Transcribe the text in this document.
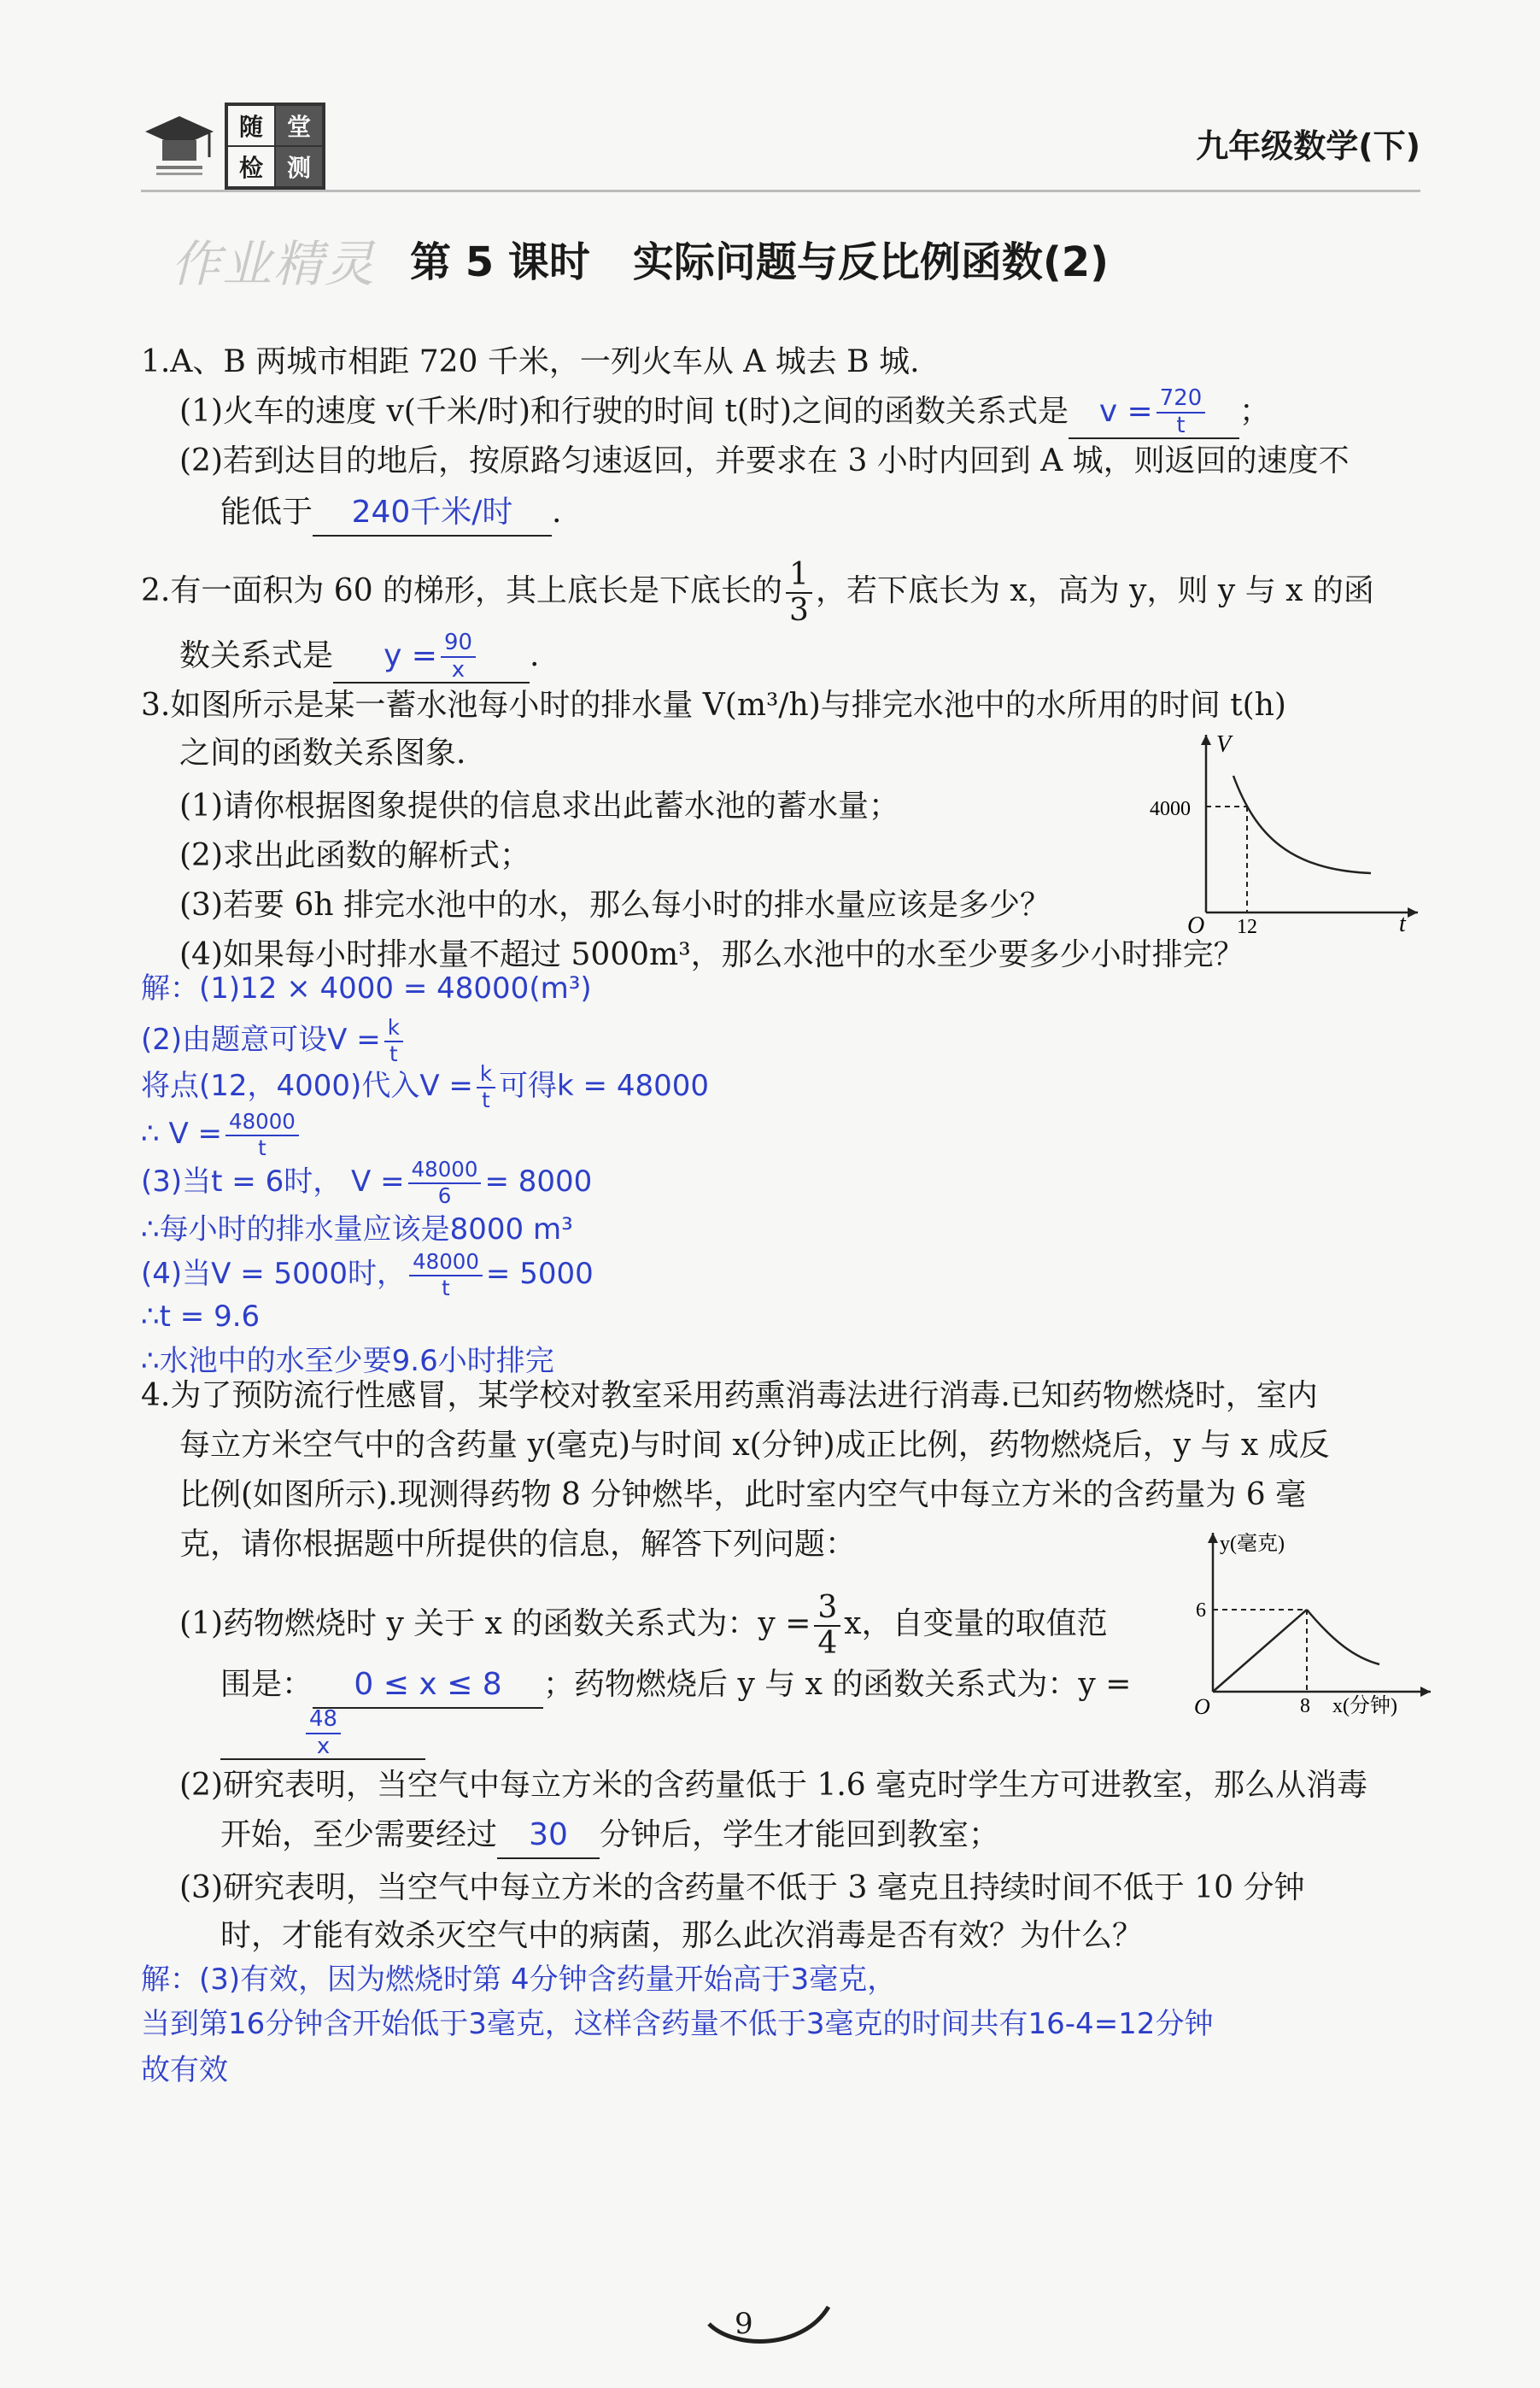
随 堂
检 测
九年级数学(下)
作业精灵 第 5 课时 实际问题与反比例函数(2)
1.A、B 两城市相距 720 千米，一列火车从 A 城去 B 城.
(1)火车的速度 v(千米/时)和行驶的时间 t(时)之间的函数关系式是 $v = \frac{720}{t}$ ；
(2)若到达目的地后，按原路匀速返回，并要求在 3 小时内回到 A 城，则返回的速度不
能低于 240千米/时 .
2.有一面积为 60 的梯形，其上底长是下底长的 $\frac{1}{3}$ ，若下底长为 x，高为 y，则 y 与 x 的函
数关系式是 $y = \frac{90}{x}$ .
3.如图所示是某一蓄水池每小时的排水量 V(m³/h)与排完水池中的水所用的时间 t(h)
之间的函数关系图象.
(1)请你根据图象提供的信息求出此蓄水池的蓄水量；
(2)求出此函数的解析式；
(3)若要 6h 排完水池中的水，那么每小时的排水量应该是多少？
(4)如果每小时排水量不超过 5000m³，那么水池中的水至少要多少小时排完？
V
t
O
4000
12
解：(1)12 × 4000 = 48000(m³)
(2)由题意可设$V = \frac{k}{t}$
将点(12，4000)代入$V = \frac{k}{t}$ 可得k = 48000
∴ $V = \frac{48000}{t}$
(3)当t = 6时， $V = \frac{48000}{6} = 8000$
∴每小时的排水量应该是8000 m³
(4)当V = 5000时， $\frac{48000}{t} = 5000$
∴t = 9.6
∴水池中的水至少要9.6小时排完
4.为了预防流行性感冒，某学校对教室采用药熏消毒法进行消毒.已知药物燃烧时，室内
每立方米空气中的含药量 y(毫克)与时间 x(分钟)成正比例，药物燃烧后，y 与 x 成反
比例(如图所示).现测得药物 8 分钟燃毕，此时室内空气中每立方米的含药量为 6 毫
克，请你根据题中所提供的信息，解答下列问题：
(1)药物燃烧时 y 关于 x 的函数关系式为：$y = \frac{3}{4}$ x，自变量的取值范
围是： 0 ≤ x ≤ 8 ；药物燃烧后 y 与 x 的函数关系式为：y =
$\frac{48}{x}$
y(毫克)
x(分钟)
O
6
8
(2)研究表明，当空气中每立方米的含药量低于 1.6 毫克时学生方可进教室，那么从消毒
开始，至少需要经过 30 分钟后，学生才能回到教室；
(3)研究表明，当空气中每立方米的含药量不低于 3 毫克且持续时间不低于 10 分钟
时，才能有效杀灭空气中的病菌，那么此次消毒是否有效？为什么？
解：(3)有效，因为燃烧时第 4分钟含药量开始高于3毫克，
当到第16分钟含开始低于3毫克，这样含药量不低于3毫克的时间共有16-4=12分钟
故有效
9
